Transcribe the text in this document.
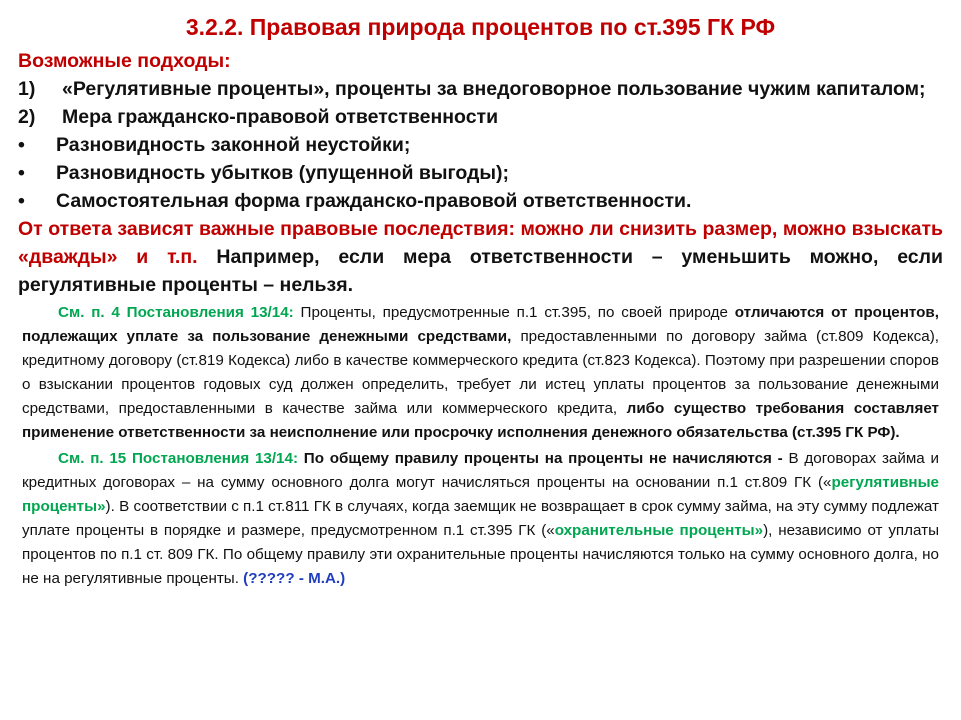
3.2.2. Правовая природа процентов по ст.395 ГК РФ
Возможные подходы:
1)	«Регулятивные проценты», проценты за внедоговорное пользование чужим капиталом;
2)	Мера гражданско-правовой ответственности
•	Разновидность законной неустойки;
•	Разновидность убытков (упущенной выгоды);
•	Самостоятельная форма гражданско-правовой ответственности.
От ответа зависят важные правовые последствия: можно ли снизить размер, можно взыскать «дважды» и т.п. Например, если мера ответственности – уменьшить можно, если регулятивные проценты – нельзя.
См. п. 4 Постановления 13/14: Проценты, предусмотренные п.1 ст.395, по своей природе отличаются от процентов, подлежащих уплате за пользование денежными средствами, предоставленными по договору займа (ст.809 Кодекса), кредитному договору (ст.819 Кодекса) либо в качестве коммерческого кредита (ст.823 Кодекса). Поэтому при разрешении споров о взыскании процентов годовых суд должен определить, требует ли истец уплаты процентов за пользование денежными средствами, предоставленными в качестве займа или коммерческого кредита, либо существо требования составляет применение ответственности за неисполнение или просрочку исполнения денежного обязательства (ст.395 ГК РФ).
См. п. 15 Постановления 13/14: По общему правилу проценты на проценты не начисляются - В договорах займа и кредитных договорах – на сумму основного долга могут начисляться проценты на основании п.1 ст.809 ГК («регулятивные проценты»). В соответствии с п.1 ст.811 ГК в случаях, когда заемщик не возвращает в срок сумму займа, на эту сумму подлежат уплате проценты в порядке и размере, предусмотренном п.1 ст.395 ГК («охранительные проценты»), независимо от уплаты процентов по п.1 ст. 809 ГК. По общему правилу эти охранительные проценты начисляются только на сумму основного долга, но не на регулятивные проценты. (????? - М.А.)
